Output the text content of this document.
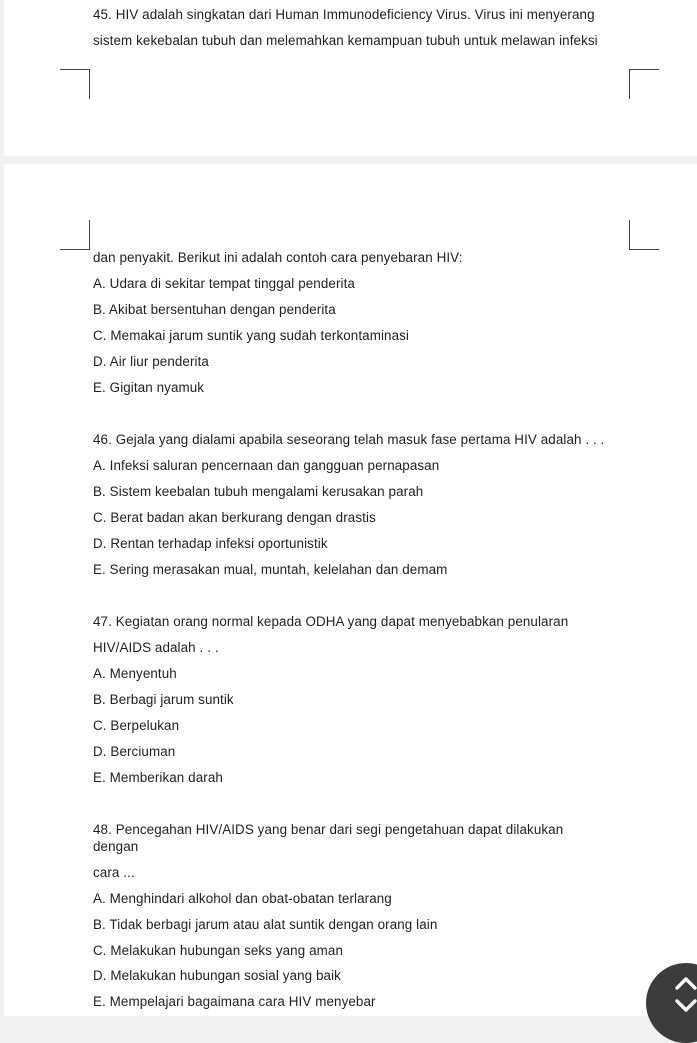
45. HIV adalah singkatan dari Human Immunodeficiency Virus. Virus ini menyerang
sistem kekebalan tubuh dan melemahkan kemampuan tubuh untuk melawan infeksi
dan penyakit. Berikut ini adalah contoh cara penyebaran HIV:
A. Udara di sekitar tempat tinggal penderita
B. Akibat bersentuhan dengan penderita
C. Memakai jarum suntik yang sudah terkontaminasi
D. Air liur penderita
E. Gigitan nyamuk
46. Gejala yang dialami apabila seseorang telah masuk fase pertama HIV adalah . . .
A. Infeksi saluran pencernaan dan gangguan pernapasan
B. Sistem keebalan tubuh mengalami kerusakan parah
C. Berat badan akan berkurang dengan drastis
D. Rentan terhadap infeksi oportunistik
E. Sering merasakan mual, muntah, kelelahan dan demam
47. Kegiatan orang normal kepada ODHA yang dapat menyebabkan penularan
HIV/AIDS adalah . . .
A. Menyentuh
B. Berbagi jarum suntik
C. Berpelukan
D. Berciuman
E. Memberikan darah
48. Pencegahan HIV/AIDS yang benar dari segi pengetahuan dapat dilakukan
dengan
cara ...
A. Menghindari alkohol dan obat-obatan terlarang
B. Tidak berbagi jarum atau alat suntik dengan orang lain
C. Melakukan hubungan seks yang aman
D. Melakukan hubungan sosial yang baik
E. Mempelajari bagaimana cara HIV menyebar
